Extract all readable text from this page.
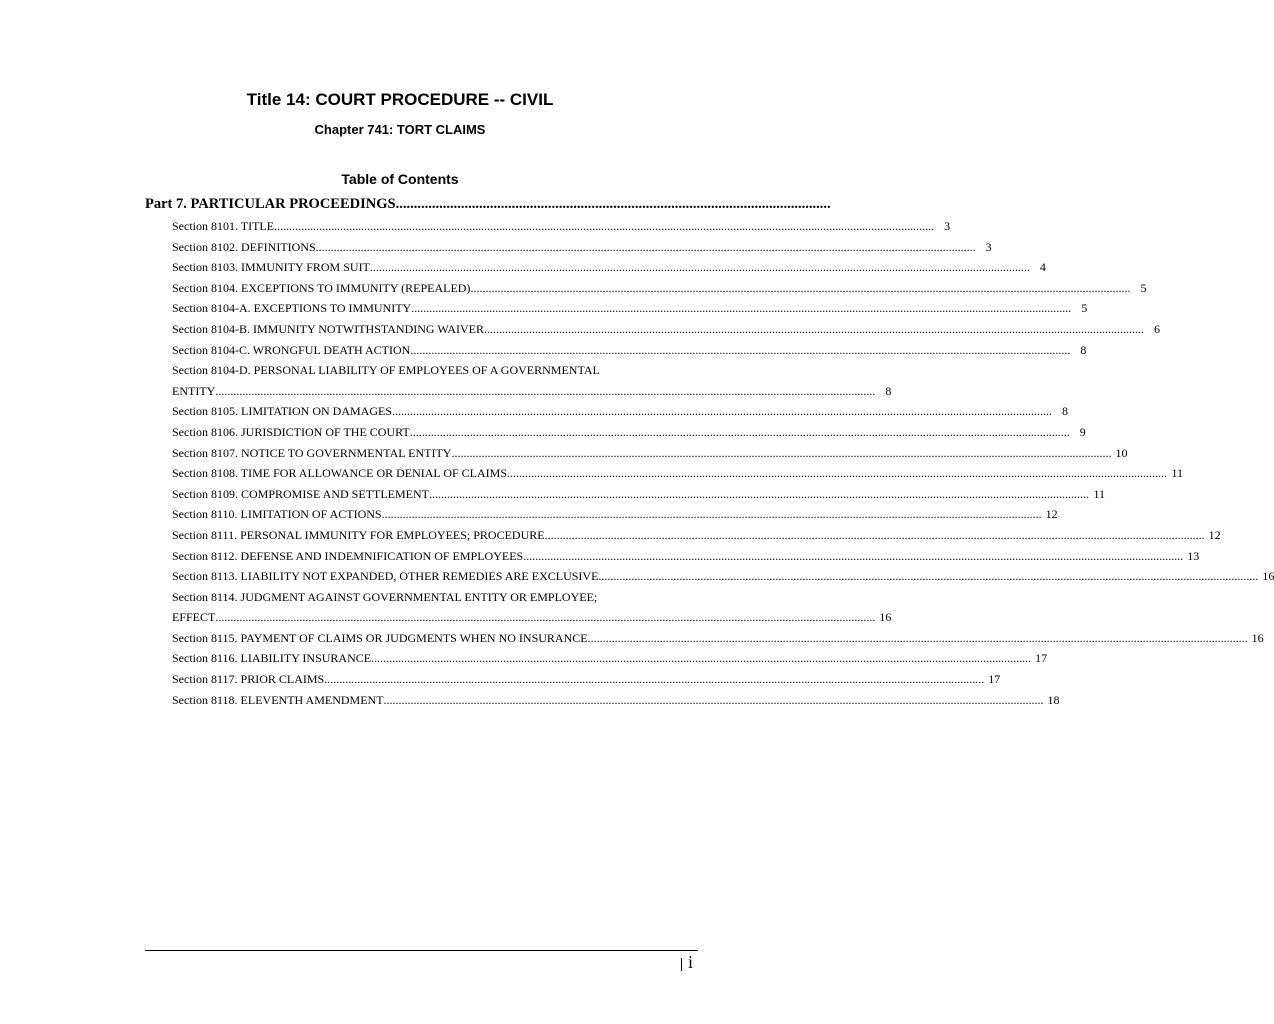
Title 14: COURT PROCEDURE -- CIVIL
Chapter 741: TORT CLAIMS
Table of Contents
Part 7. PARTICULAR PROCEEDINGS ........................................................................................................................
Section 8101. TITLE ............................................................................................................................................................................................................................ 3
Section 8102. DEFINITIONS ............................................................................................................................................................................................................................ 3
Section 8103. IMMUNITY FROM SUIT ............................................................................................................................................................................................................................ 4
Section 8104. EXCEPTIONS TO IMMUNITY (REPEALED) ............................................................................................................................................................................................................................ 5
Section 8104-A. EXCEPTIONS TO IMMUNITY ............................................................................................................................................................................................................................ 5
Section 8104-B. IMMUNITY NOTWITHSTANDING WAIVER ............................................................................................................................................................................................................................ 6
Section 8104-C. WRONGFUL DEATH ACTION ............................................................................................................................................................................................................................ 8
Section 8104-D. PERSONAL LIABILITY OF EMPLOYEES OF A GOVERNMENTAL
ENTITY ............................................................................................................................................................................................................................ 8
Section 8105. LIMITATION ON DAMAGES ............................................................................................................................................................................................................................ 8
Section 8106. JURISDICTION OF THE COURT ............................................................................................................................................................................................................................ 9
Section 8107. NOTICE TO GOVERNMENTAL ENTITY ............................................................................................................................................................................................................................ 10
Section 8108. TIME FOR ALLOWANCE OR DENIAL OF CLAIMS ............................................................................................................................................................................................................................ 11
Section 8109. COMPROMISE AND SETTLEMENT ............................................................................................................................................................................................................................ 11
Section 8110. LIMITATION OF ACTIONS ............................................................................................................................................................................................................................ 12
Section 8111. PERSONAL IMMUNITY FOR EMPLOYEES; PROCEDURE ............................................................................................................................................................................................................................ 12
Section 8112. DEFENSE AND INDEMNIFICATION OF EMPLOYEES ............................................................................................................................................................................................................................ 13
Section 8113. LIABILITY NOT EXPANDED, OTHER REMEDIES ARE EXCLUSIVE ............................................................................................................................................................................................................................ 16
Section 8114. JUDGMENT AGAINST GOVERNMENTAL ENTITY OR EMPLOYEE;
EFFECT ............................................................................................................................................................................................................................ 16
Section 8115. PAYMENT OF CLAIMS OR JUDGMENTS WHEN NO INSURANCE ............................................................................................................................................................................................................................ 16
Section 8116. LIABILITY INSURANCE ............................................................................................................................................................................................................................ 17
Section 8117. PRIOR CLAIMS ............................................................................................................................................................................................................................ 17
Section 8118. ELEVENTH AMENDMENT ............................................................................................................................................................................................................................ 18
i
